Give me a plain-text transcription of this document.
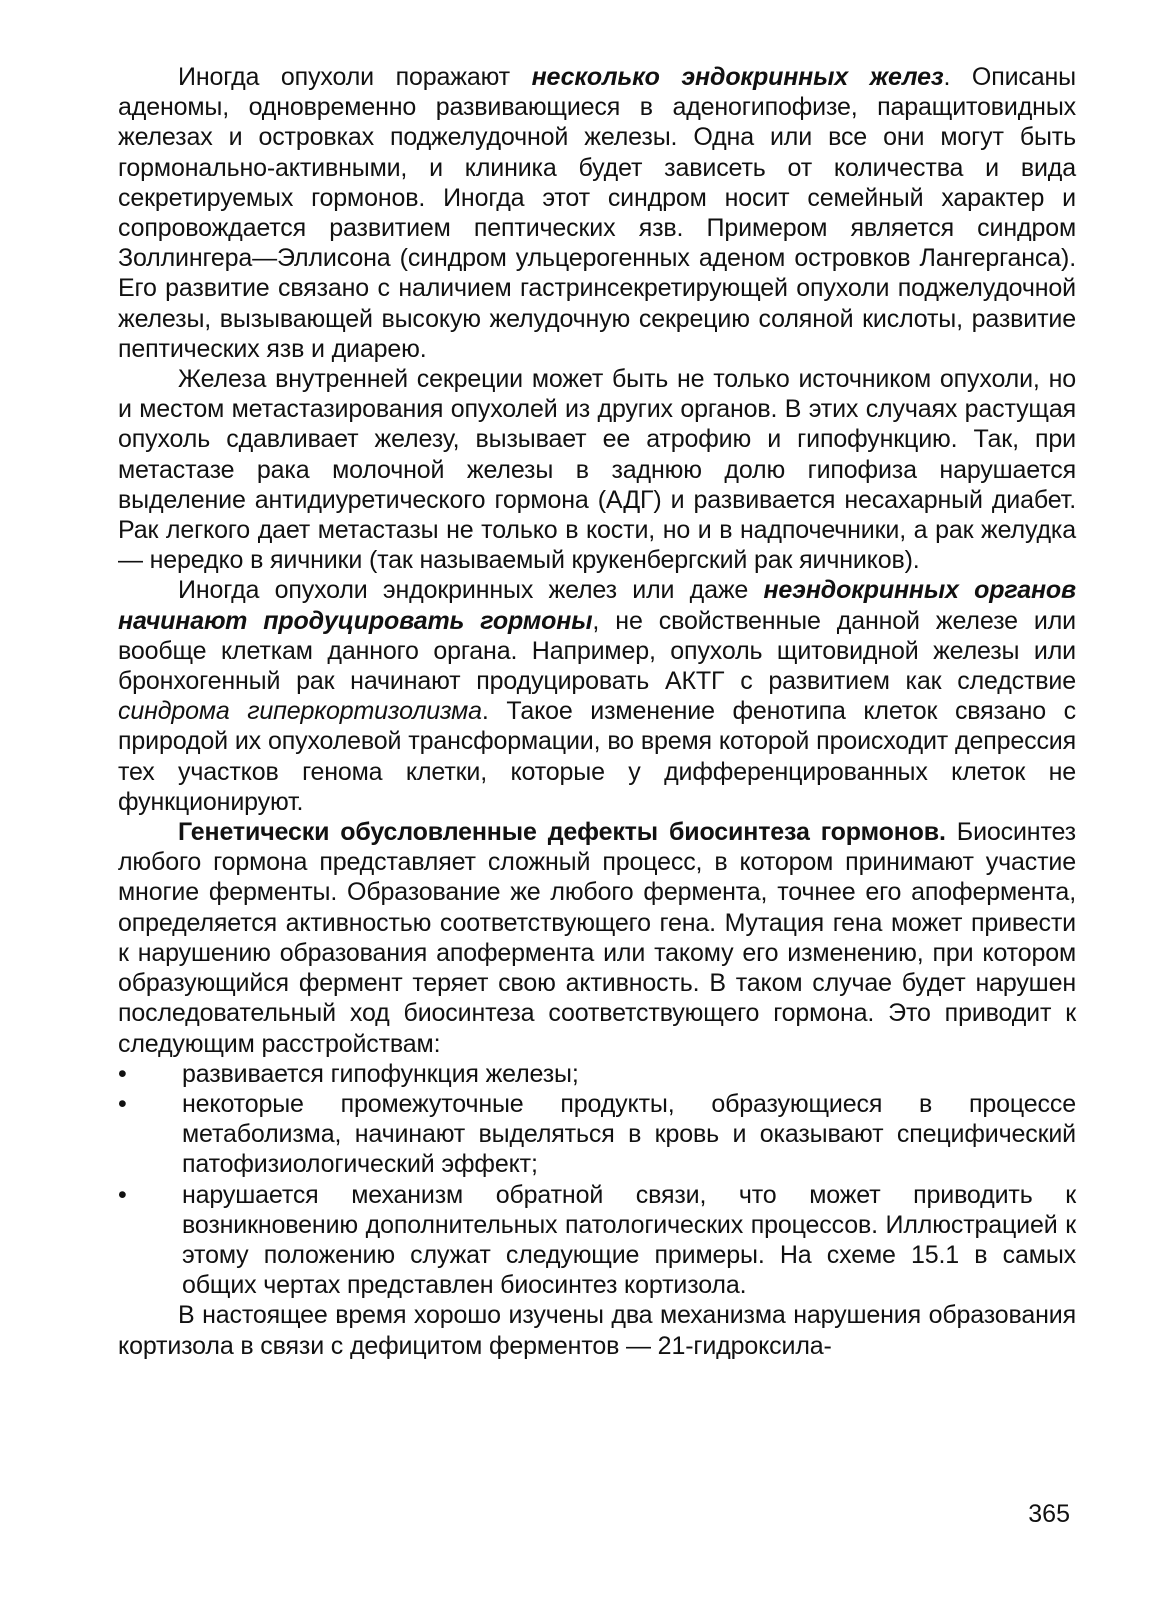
Иногда опухоли поражают несколько эндокринных желез. Описаны аденомы, одновременно развивающиеся в аденогипофизе, паращитовидных железах и островках поджелудочной железы. Одна или все они могут быть гормонально-активными, и клиника будет зависеть от количества и вида секретируемых гормонов. Иногда этот синдром носит семейный характер и сопровождается развитием пептических язв. Примером является синдром Золлингера—Эллисона (синдром ульцерогенных аденом островков Лангерганса). Его развитие связано с наличием гастринсекретирующей опухоли поджелудочной железы, вызывающей высокую желудочную секрецию соляной кислоты, развитие пептических язв и диарею.

Железа внутренней секреции может быть не только источником опухоли, но и местом метастазирования опухолей из других органов. В этих случаях растущая опухоль сдавливает железу, вызывает ее атрофию и гипофункцию. Так, при метастазе рака молочной железы в заднюю долю гипофиза нарушается выделение антидиуретического гормона (АДГ) и развивается несахарный диабет. Рак легкого дает метастазы не только в кости, но и в надпочечники, а рак желудка — нередко в яичники (так называемый крукенбергский рак яичников).

Иногда опухоли эндокринных желез или даже неэндокринных органов начинают продуцировать гормоны, не свойственные данной железе или вообще клеткам данного органа. Например, опухоль щитовидной железы или бронхогенный рак начинают продуцировать АКТГ с развитием как следствие синдрома гиперкортизолизма. Такое изменение фенотипа клеток связано с природой их опухолевой трансформации, во время которой происходит депрессия тех участков генома клетки, которые у дифференцированных клеток не функционируют.

Генетически обусловленные дефекты биосинтеза гормонов. Биосинтез любого гормона представляет сложный процесс, в котором принимают участие многие ферменты. Образование же любого фермента, точнее его апофермента, определяется активностью соответствующего гена. Мутация гена может привести к нарушению образования апофермента или такому его изменению, при котором образующийся фермент теряет свою активность. В таком случае будет нарушен последовательный ход биосинтеза соответствующего гормона. Это приводит к следующим расстройствам:

• развивается гипофункция железы;
• некоторые промежуточные продукты, образующиеся в процессе метаболизма, начинают выделяться в кровь и оказывают специфический патофизиологический эффект;
• нарушается механизм обратной связи, что может приводить к возникновению дополнительных патологических процессов. Иллюстрацией к этому положению служат следующие примеры. На схеме 15.1 в самых общих чертах представлен биосинтез кортизола.

В настоящее время хорошо изучены два механизма нарушения образования кортизола в связи с дефицитом ферментов — 21-гидроксила-

365
